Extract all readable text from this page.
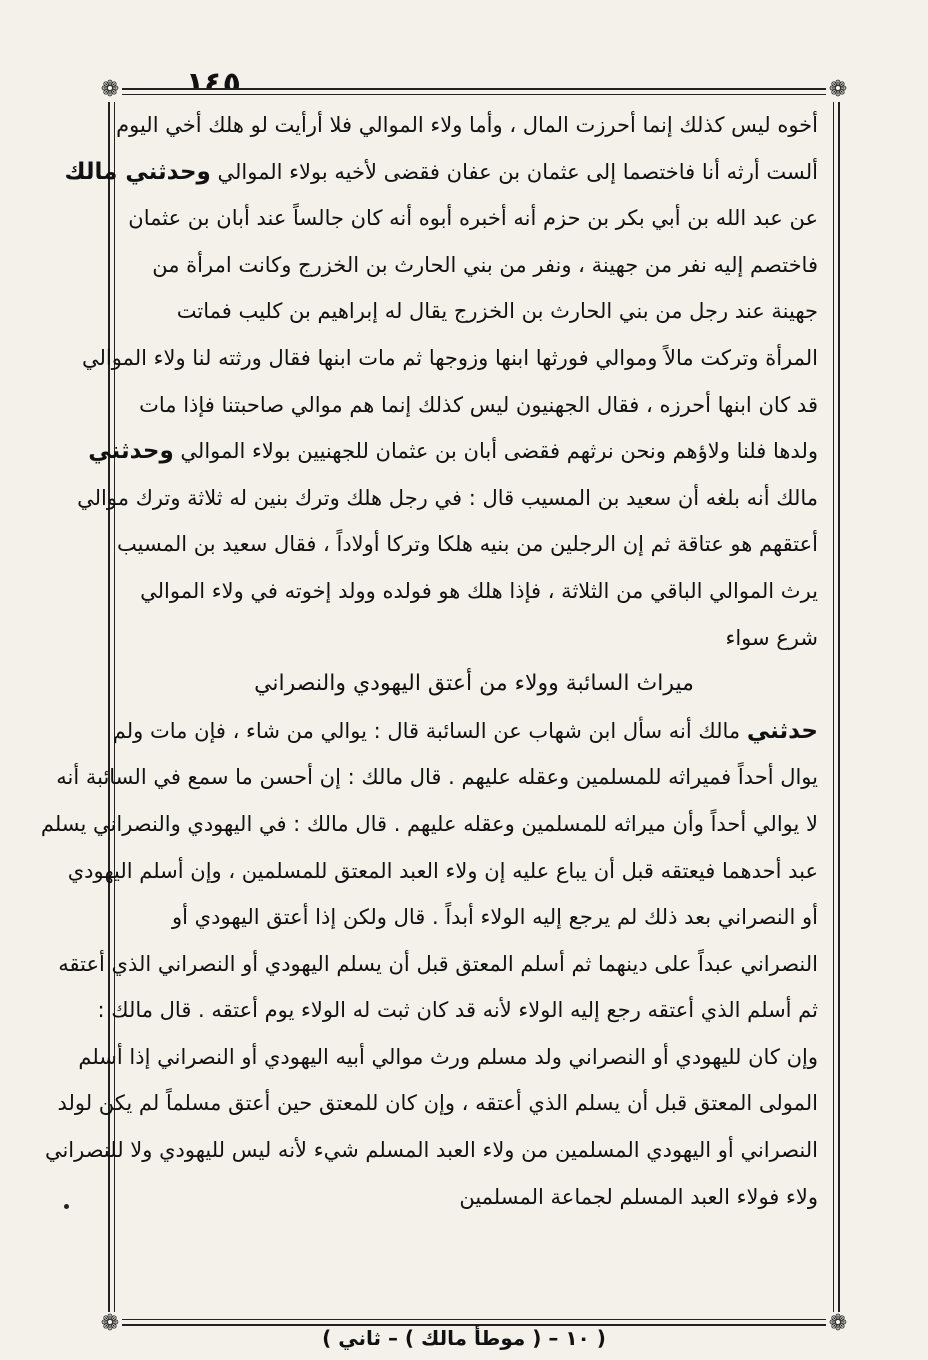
١٤٥
❁	❁
❁	❁
أخوه ليس كذلك إنما أحرزت المال ، وأما ولاء الموالي فلا أرأيت لو هلك أخي اليوم
ألست أرثه أنا فاختصما إلى عثمان بن عفان فقضى لأخيه بولاء الموالي وحدثني مالك
عن عبد الله بن أبي بكر بن حزم أنه أخبره أبوه أنه كان جالساً عند أبان بن عثمان
فاختصم إليه نفر من جهينة ، ونفر من بني الحارث بن الخزرج وكانت امرأة من
جهينة عند رجل من بني الحارث بن الخزرج يقال له إبراهيم بن كليب فماتت
المرأة وتركت مالاً وموالي فورثها ابنها وزوجها ثم مات ابنها فقال ورثته لنا ولاء الموالي
قد كان ابنها أحرزه ، فقال الجهنيون ليس كذلك إنما هم موالي صاحبتنا فإذا مات
ولدها فلنا ولاؤهم ونحن نرثهم فقضى أبان بن عثمان للجهنيين بولاء الموالي وحدثني
مالك أنه بلغه أن سعيد بن المسيب قال : في رجل هلك وترك بنين له ثلاثة وترك موالي
أعتقهم هو عتاقة ثم إن الرجلين من بنيه هلكا وتركا أولاداً ، فقال سعيد بن المسيب
يرث الموالي الباقي من الثلاثة ، فإذا هلك هو فولده وولد إخوته في ولاء الموالي
شرع سواء
ميراث السائبة وولاء من أعتق اليهودي والنصراني
حدثني مالك أنه سأل ابن شهاب عن السائبة قال : يوالي من شاء ، فإن مات ولم
يوال أحداً فميراثه للمسلمين وعقله عليهم . قال مالك : إن أحسن ما سمع في السائبة أنه
لا يوالي أحداً وأن ميراثه للمسلمين وعقله عليهم . قال مالك : في اليهودي والنصراني يسلم
عبد أحدهما فيعتقه قبل أن يباع عليه إن ولاء العبد المعتق للمسلمين ، وإن أسلم اليهودي
أو النصراني بعد ذلك لم يرجع إليه الولاء أبداً . قال ولكن إذا أعتق اليهودي أو
النصراني عبداً على دينهما ثم أسلم المعتق قبل أن يسلم اليهودي أو النصراني الذي أعتقه
ثم أسلم الذي أعتقه رجع إليه الولاء لأنه قد كان ثبت له الولاء يوم أعتقه . قال مالك :
وإن كان لليهودي أو النصراني ولد مسلم ورث موالي أبيه اليهودي أو النصراني إذا أسلم
المولى المعتق قبل أن يسلم الذي أعتقه ، وإن كان للمعتق حين أعتق مسلماً لم يكن لولد
النصراني أو اليهودي المسلمين من ولاء العبد المسلم شيء لأنه ليس لليهودي ولا للنصراني
ولاء فولاء العبد المسلم لجماعة المسلمين
( ١٠ – ( موطأ مالك ) – ثاني )
